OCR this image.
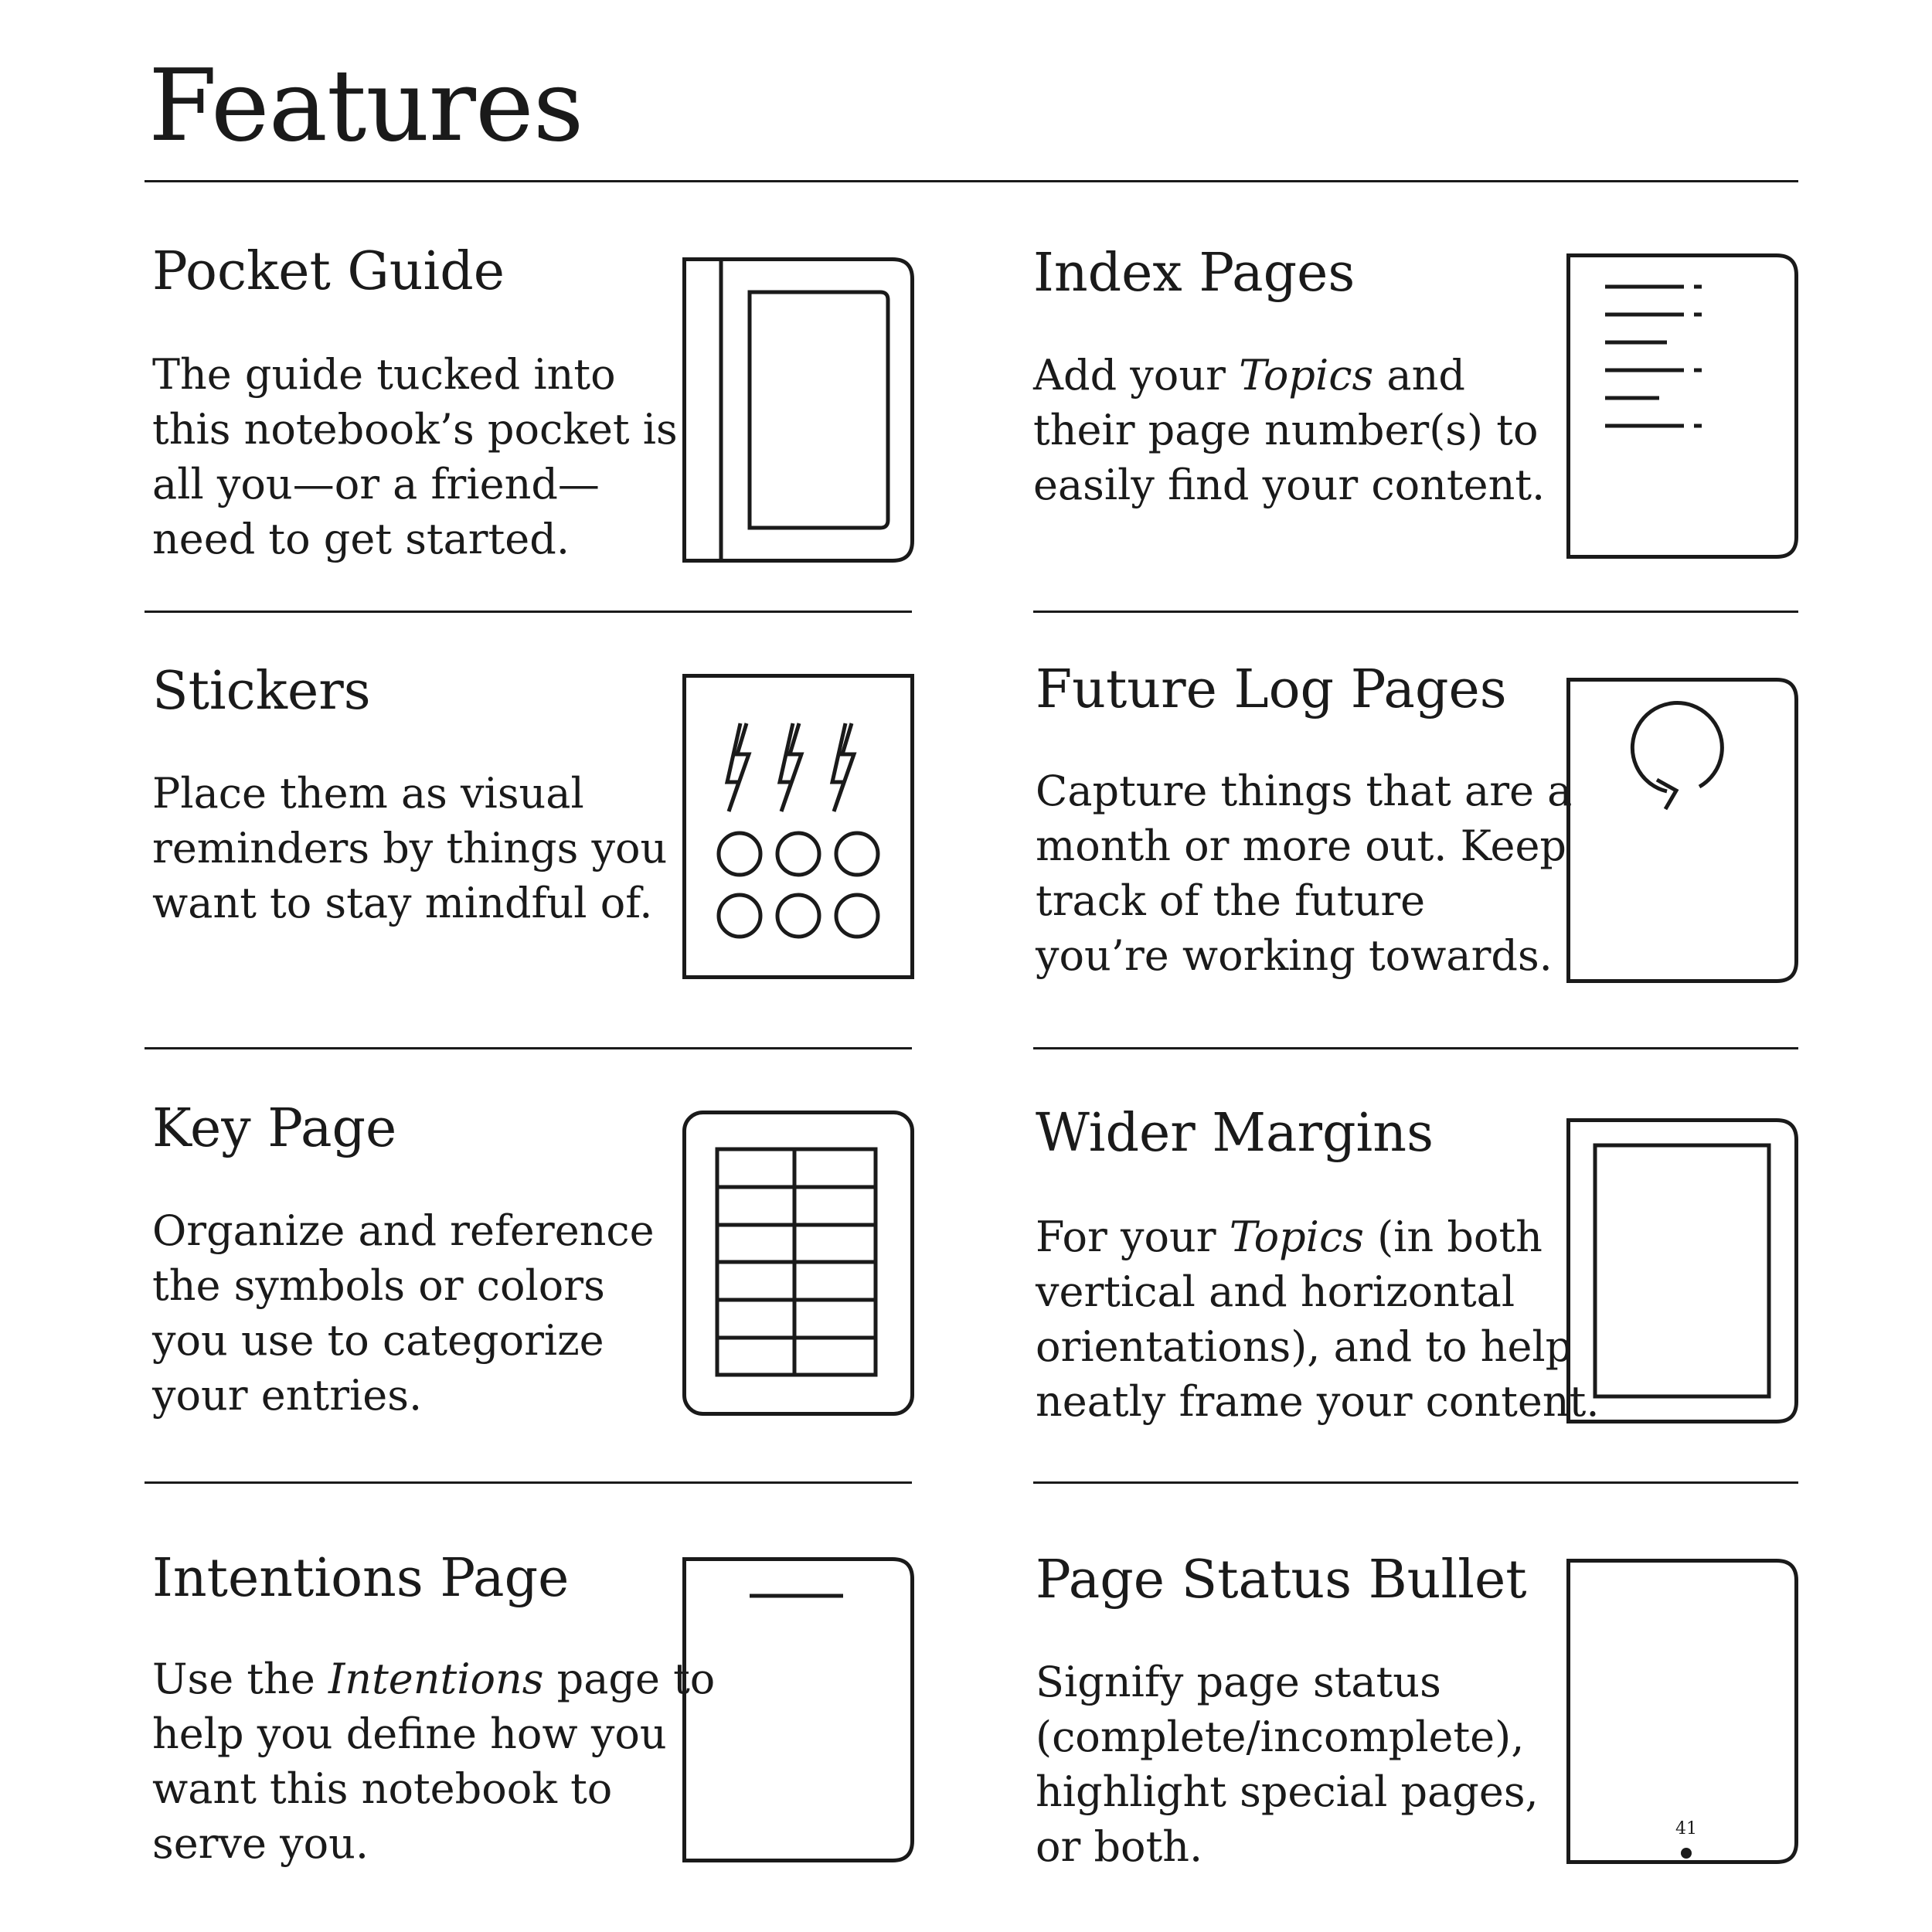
Features
Pocket Guide
The guide tucked into
this notebook’s pocket is
all you—or a friend—
need to get started.
Index Pages
Add your Topics and
their page number(s) to
easily find your content.
Stickers
Place them as visual
reminders by things you
want to stay mindful of.
Future Log Pages
Capture things that are a
month or more out. Keep
track of the future
you’re working towards.
Key Page
Organize and reference
the symbols or colors
you use to categorize
your entries.
Wider Margins
For your Topics (in both
vertical and horizontal
orientations), and to help
neatly frame your content.
Intentions Page
Use the Intentions page to
help you define how you
want this notebook to
serve you.
Page Status Bullet
Signify page status
(complete/incomplete),
highlight special pages,
or both.	41
